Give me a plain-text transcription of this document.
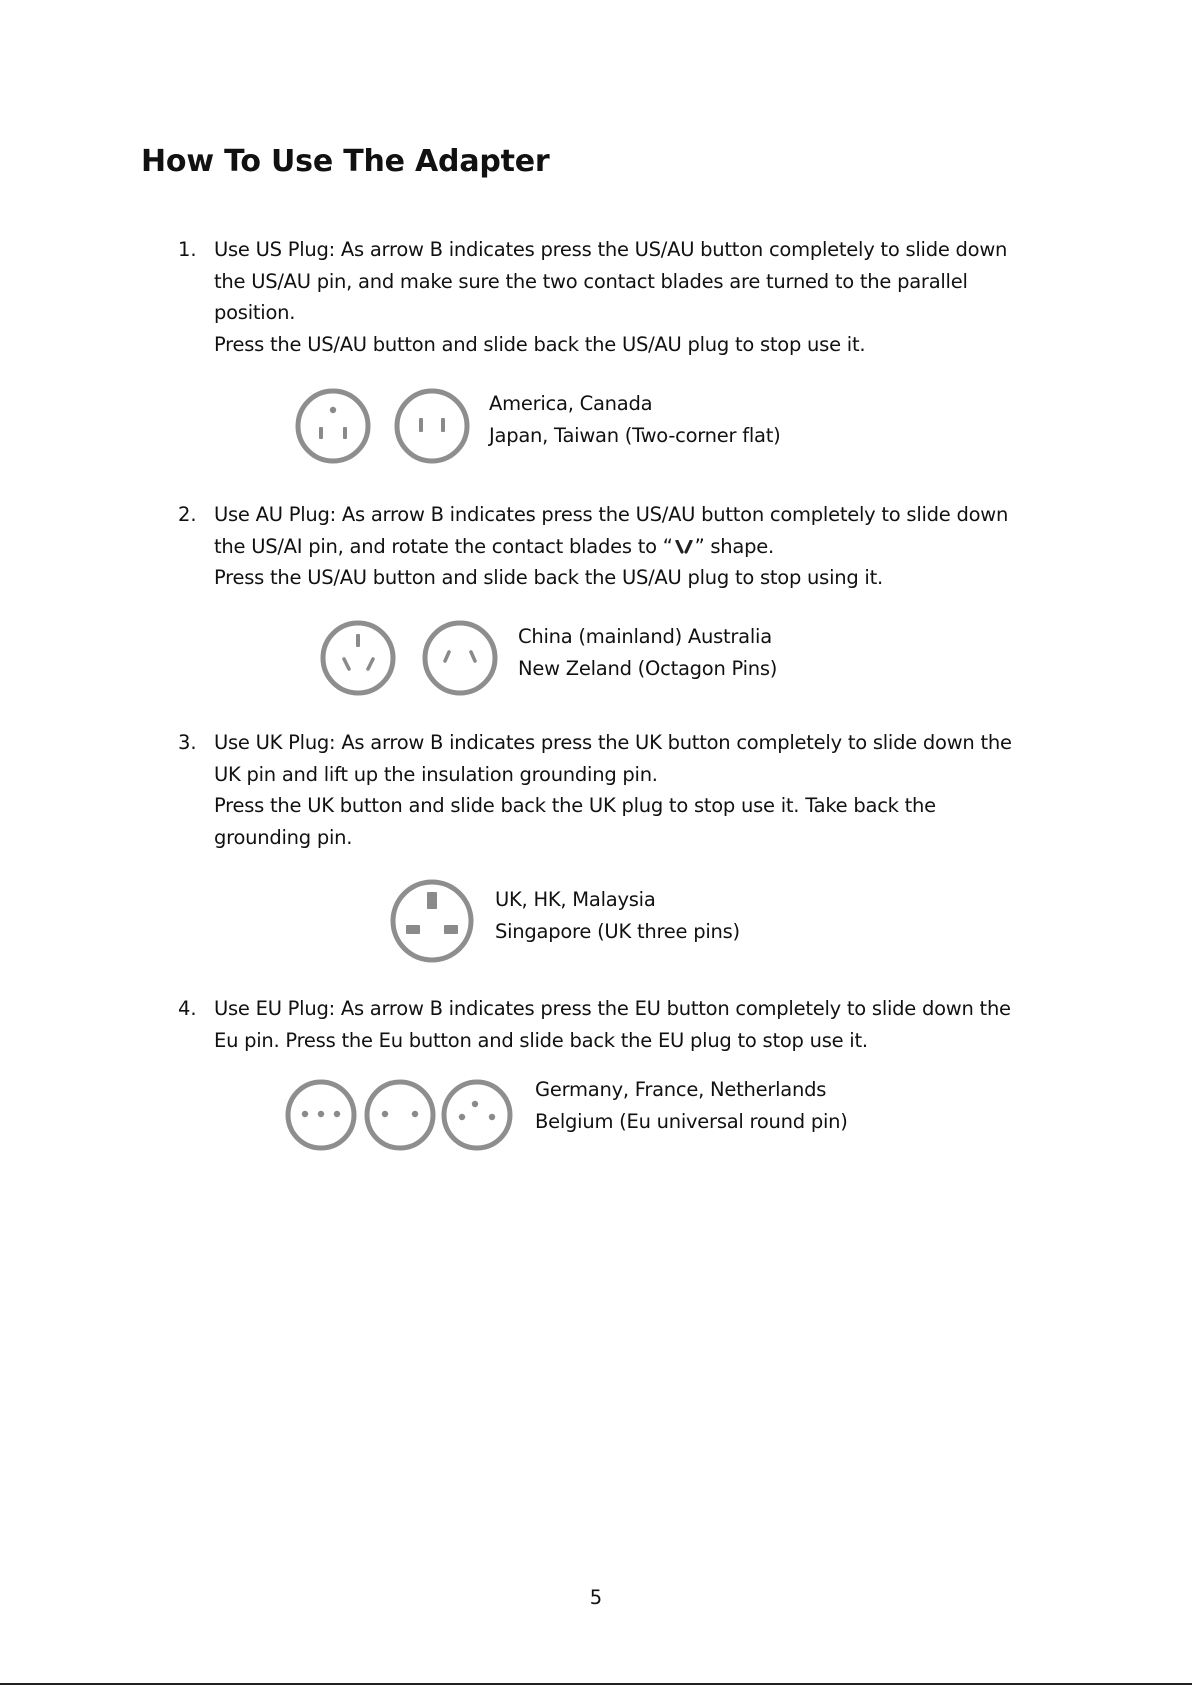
How To Use The Adapter
1. Use US Plug: As arrow B indicates press the US/AU button completely to slide down

the US/AU pin, and make sure the two contact blades are turned to the parallel

position.

Press the US/AU button and slide back the US/AU plug to stop use it.

America, Canada
Japan, Taiwan (Two-corner flat)
2. Use AU Plug: As arrow B indicates press the US/AU button completely to slide down

the US/AI pin, and rotate the contact blades to “ ” shape.

Press the US/AU button and slide back the US/AU plug to stop using it.

China (mainland) Australia
New Zeland (Octagon Pins)
3. Use UK Plug: As arrow B indicates press the UK button completely to slide down the

UK pin and lift up the insulation grounding pin.

Press the UK button and slide back the UK plug to stop use it. Take back the

grounding pin.

UK, HK, Malaysia
Singapore (UK three pins)
4. Use EU Plug: As arrow B indicates press the EU button completely to slide down the

Eu pin. Press the Eu button and slide back the EU plug to stop use it.

Germany, France, Netherlands
Belgium (Eu universal round pin)
5
